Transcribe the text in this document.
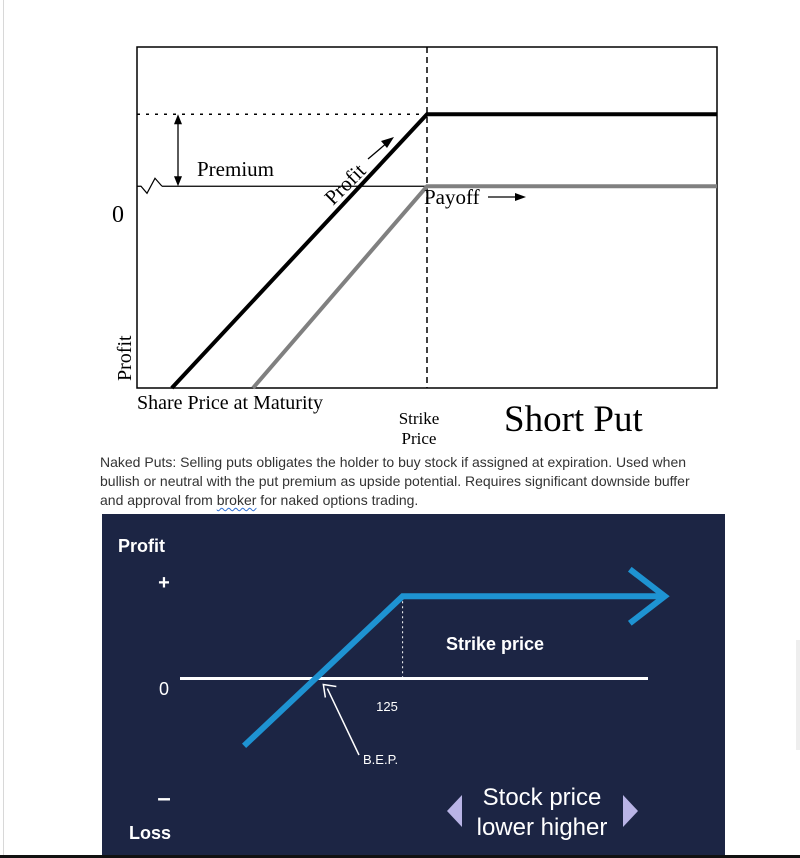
0
Profit
Share Price at Maturity
Strike
Price Short Put
Premium
Payoff
Profit

Naked Puts: Selling puts obligates the holder to buy stock if assigned at expiration. Used when
bullish or neutral with the put premium as upside potential. Requires significant downside buffer
and approval from broker for naked options trading.

Profit
+
0
–
Loss
125
Strike price
B.E.P.
Stock price
lower higher
